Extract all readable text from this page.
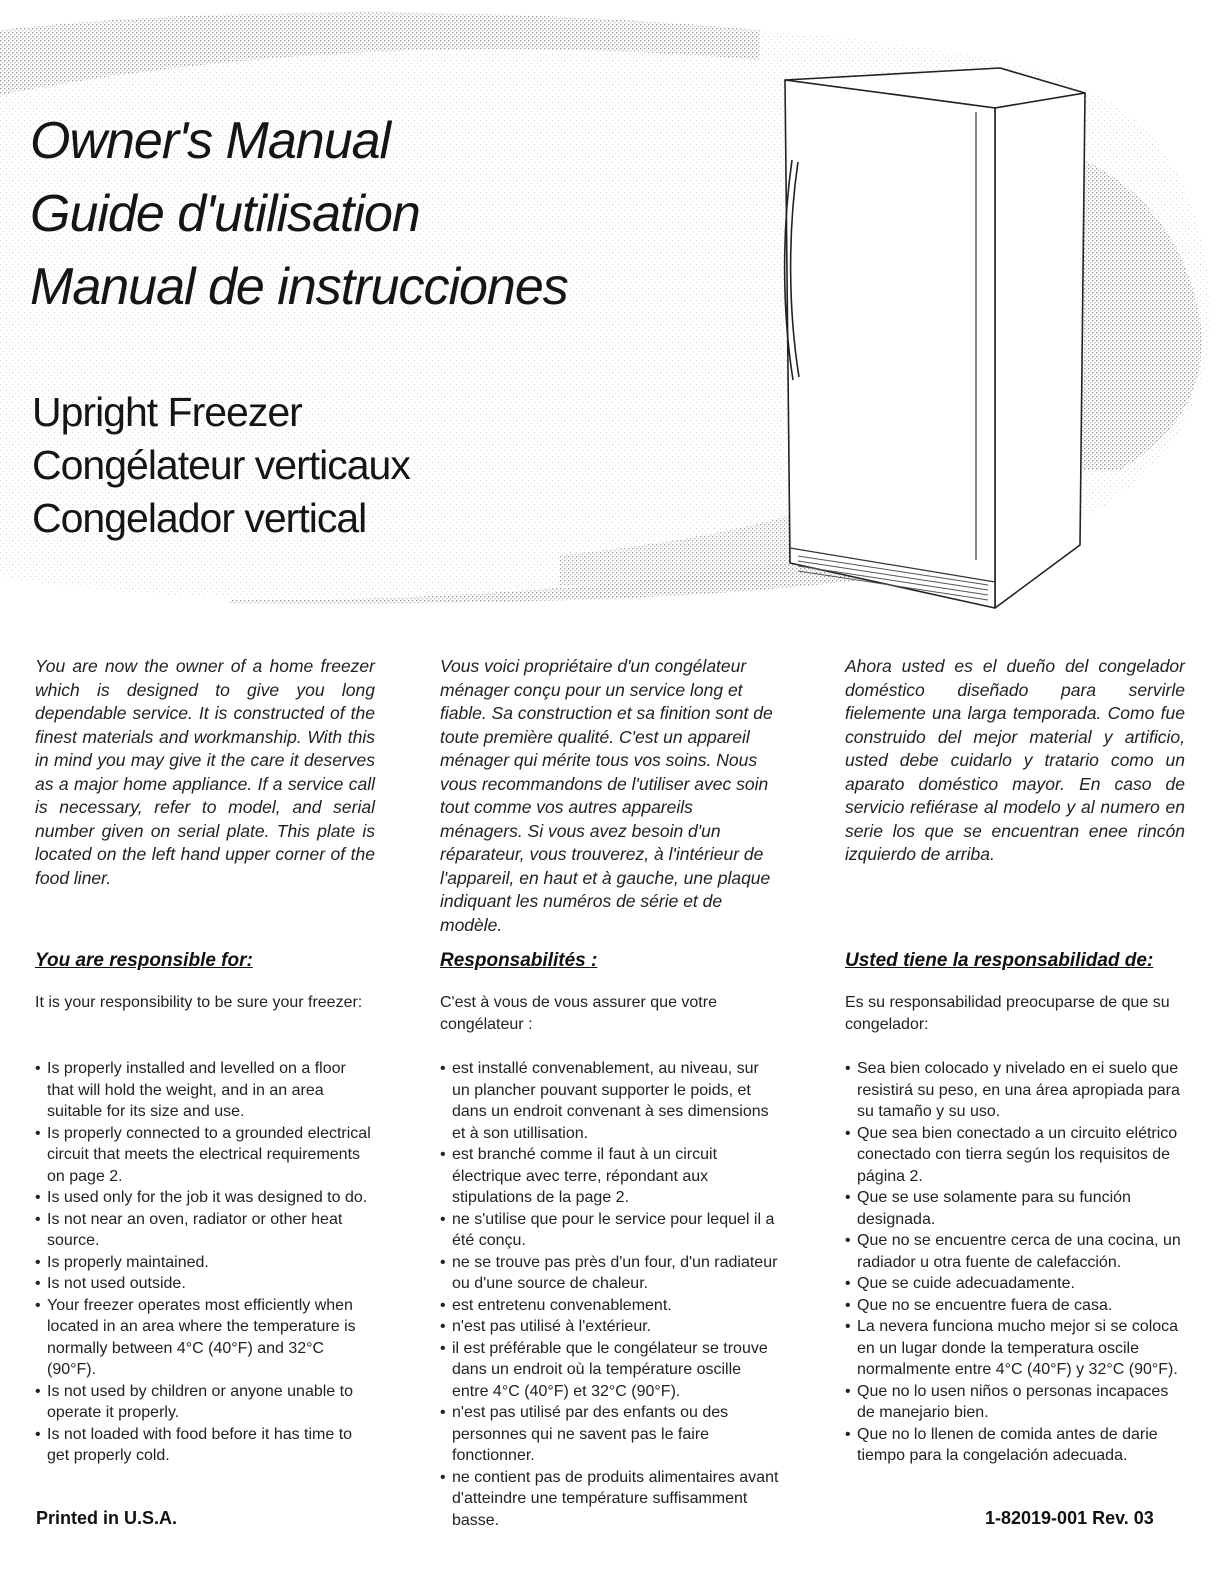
Owner's Manual
Guide d'utilisation
Manual de instrucciones
Upright Freezer
Congélateur verticaux
Congelador vertical

You are now the owner of a home freezer which is designed to give you long dependable service. It is constructed of the finest materials and workmanship. With this in mind you may give it the care it deserves as a major home appliance. If a service call is necessary, refer to model, and serial number given on serial plate. This plate is located on the left hand upper corner of the food liner.

Vous voici propriétaire d'un congélateur ménager conçu pour un service long et fiable. Sa construction et sa finition sont de toute première qualité. C'est un appareil ménager qui mérite tous vos soins. Nous vous recommandons de l'utiliser avec soin tout comme vos autres appareils ménagers. Si vous avez besoin d'un réparateur, vous trouverez, à l'intérieur de l'appareil, en haut et à gauche, une plaque indiquant les numéros de série et de modèle.

Ahora usted es el dueño del congelador doméstico diseñado para servirle fielemente una larga temporada. Como fue construido del mejor material y artificio, usted debe cuidarlo y tratario como un aparato doméstico mayor. En caso de servicio refiérase al modelo y al numero en serie los que se encuentran enee rincón izquierdo de arriba.

You are responsible for:	Responsabilités :	Usted tiene la responsabilidad de:

It is your responsibility to be sure your freezer:	C'est à vous de vous assurer que votre congélateur :

Es su responsabilidad preocuparse de que su congelador:

• Is properly installed and levelled on a floor that will hold the weight, and in an area suitable for its size and use.
• Is properly connected to a grounded electrical circuit that meets the electrical requirements on page 2.
• Is used only for the job it was designed to do.
• Is not near an oven, radiator or other heat source.
• Is properly maintained.
• Is not used outside.
• Your freezer operates most efficiently when located in an area where the temperature is normally between 4°C (40°F) and 32°C (90°F).
• Is not used by children or anyone unable to operate it properly.
• Is not loaded with food before it has time to get properly cold.
• est installé convenablement, au niveau, sur un plancher pouvant supporter le poids, et dans un endroit convenant à ses dimensions et à son utillisation.
• est branché comme il faut à un circuit électrique avec terre, répondant aux stipulations de la page 2.
• ne s'utilise que pour le service pour lequel il a été conçu.
• ne se trouve pas près d'un four, d'un radiateur ou d'une source de chaleur.
• est entretenu convenablement.
• n'est pas utilisé à l'extérieur.
• il est préférable que le congélateur se trouve dans un endroit où la température oscille entre 4°C (40°F) et 32°C (90°F).
• n'est pas utilisé par des enfants ou des personnes qui ne savent pas le faire fonctionner.
• ne contient pas de produits alimentaires avant d'atteindre une température suffisamment basse.
• Sea bien colocado y nivelado en ei suelo que resistirá su peso, en una área apropiada para su tamaño y su uso.
• Que sea bien conectado a un circuito elétrico conectado con tierra según los requisitos de página 2.
• Que se use solamente para su función designada.
• Que no se encuentre cerca de una cocina, un radiador u otra fuente de calefacción.
• Que se cuide adecuadamente.
• Que no se encuentre fuera de casa.
• La nevera funciona mucho mejor si se coloca en un lugar donde la temperatura oscile normalmente entre 4°C (40°F) y 32°C (90°F).
• Que no lo usen niños o personas incapaces de manejario bien.
• Que no lo llenen de comida antes de darie tiempo para la congelación adecuada.
Printed in U.S.A.	1-82019-001 Rev. 03
